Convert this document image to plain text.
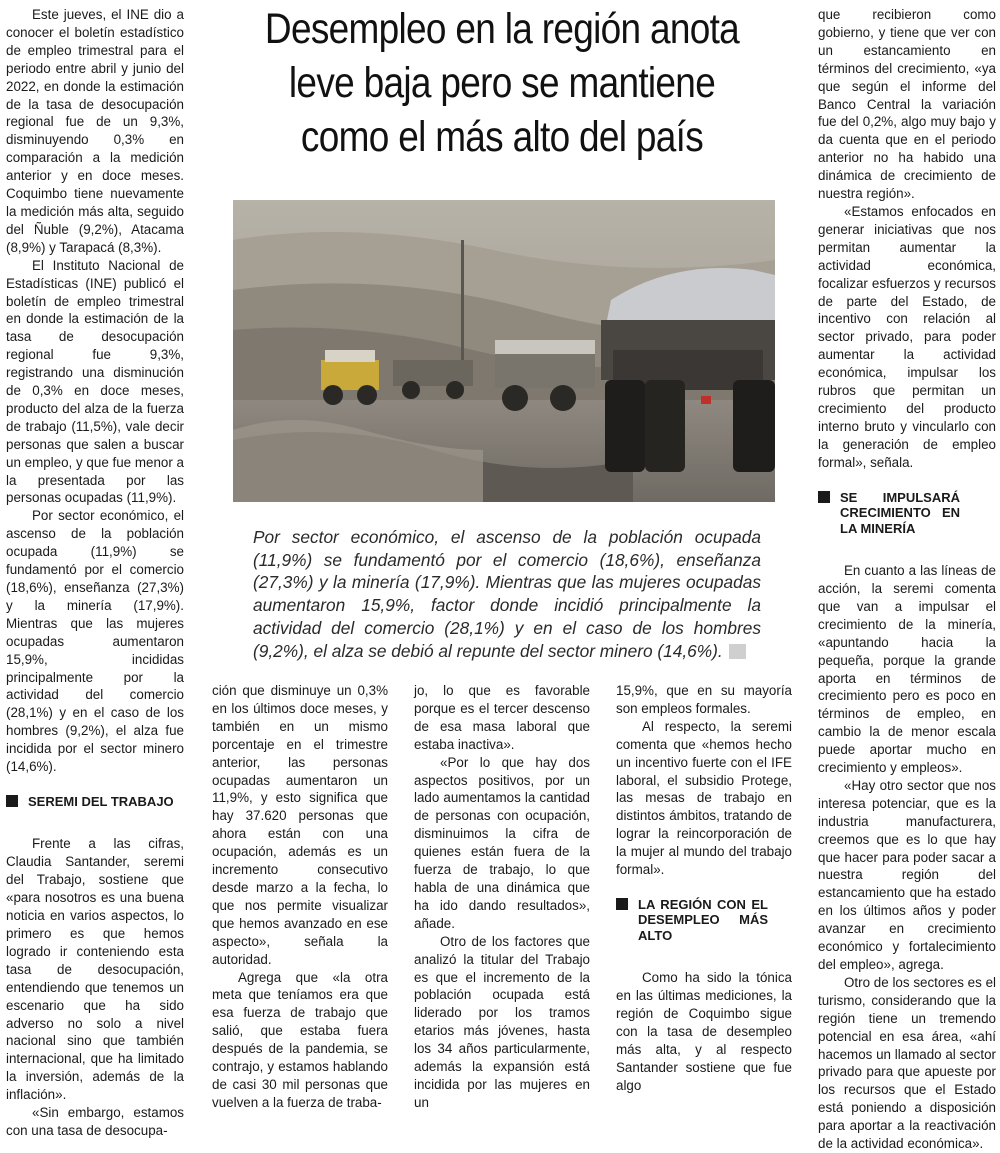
Este jueves, el INE dio a conocer el boletín estadístico de empleo trimestral para el periodo entre abril y junio del 2022, en donde la estimación de la tasa de desocupación regional fue de un 9,3%, disminuyendo 0,3% en comparación a la medición anterior y en doce meses. Coquimbo tiene nuevamente la medición más alta, seguido del Ñuble (9,2%), Atacama (8,9%) y Tarapacá (8,3%).

El Instituto Nacional de Estadísticas (INE) publicó el boletín de empleo trimestral en donde la estimación de la tasa de desocupación regional fue 9,3%, registrando una disminución de 0,3% en doce meses, producto del alza de la fuerza de trabajo (11,5%), vale decir personas que salen a buscar un empleo, y que fue menor a la presentada por las personas ocupadas (11,9%).

Por sector económico, el ascenso de la población ocupada (11,9%) se fundamentó por el comercio (18,6%), enseñanza (27,3%) y la minería (17,9%). Mientras que las mujeres ocupadas aumentaron 15,9%, incididas principalmente por la actividad del comercio (28,1%) y en el caso de los hombres (9,2%), el alza fue incidida por el sector minero (14,6%).

SEREMI DEL TRABAJO

Frente a las cifras, Claudia Santander, seremi del Trabajo, sostiene que «para nosotros es una buena noticia en varios aspectos, lo primero es que hemos logrado ir conteniendo esta tasa de desocupación, entendiendo que tenemos un escenario que ha sido adverso no solo a nivel nacional sino que también internacional, que ha limitado la inversión, además de la inflación».

«Sin embargo, estamos con una tasa de desocupa-

Desempleo en la región anota leve baja pero se mantiene como el más alto del país

Por sector económico, el ascenso de la población ocupada (11,9%) se fundamentó por el comercio (18,6%), enseñanza (27,3%) y la minería (17,9%). Mientras que las mujeres ocupadas aumentaron 15,9%, factor donde incidió principalmente la actividad del comercio (28,1%) y en el caso de los hombres (9,2%), el alza se debió al repunte del sector minero (14,6%).

ción que disminuye un 0,3% en los últimos doce meses, y también en un mismo porcentaje en el trimestre anterior, las personas ocupadas aumentaron un 11,9%, y esto significa que hay 37.620 personas que ahora están con una ocupación, además es un incremento consecutivo desde marzo a la fecha, lo que nos permite visualizar que hemos avanzado en ese aspecto», señala la autoridad.

Agrega que «la otra meta que teníamos era que esa fuerza de trabajo que salió, que estaba fuera después de la pandemia, se contrajo, y estamos hablando de casi 30 mil personas que vuelven a la fuerza de traba-

jo, lo que es favorable porque es el tercer descenso de esa masa laboral que estaba inactiva».

«Por lo que hay dos aspectos positivos, por un lado aumentamos la cantidad de personas con ocupación, disminuimos la cifra de quienes están fuera de la fuerza de trabajo, lo que habla de una dinámica que ha ido dando resultados», añade.

Otro de los factores que analizó la titular del Trabajo es que el incremento de la población ocupada está liderado por los tramos etarios más jóvenes, hasta los 34 años particularmente, además la expansión está incidida por las mujeres en un

15,9%, que en su mayoría son empleos formales.

Al respecto, la seremi comenta que «hemos hecho un incentivo fuerte con el IFE laboral, el subsidio Protege, las mesas de trabajo en distintos ámbitos, tratando de lograr la reincorporación de la mujer al mundo del trabajo formal».

LA REGIÓN CON EL DESEMPLEO MÁS ALTO

Como ha sido la tónica en las últimas mediciones, la región de Coquimbo sigue con la tasa de desempleo más alta, y al respecto Santander sostiene que fue algo

que recibieron como gobierno, y tiene que ver con un estancamiento en términos del crecimiento, «ya que según el informe del Banco Central la variación fue del 0,2%, algo muy bajo y da cuenta que en el periodo anterior no ha habido una dinámica de crecimiento de nuestra región».

«Estamos enfocados en generar iniciativas que nos permitan aumentar la actividad económica, focalizar esfuerzos y recursos de parte del Estado, de incentivo con relación al sector privado, para poder aumentar la actividad económica, impulsar los rubros que permitan un crecimiento del producto interno bruto y vincularlo con la generación de empleo formal», señala.

SE IMPULSARÁ CRECIMIENTO EN LA MINERÍA

En cuanto a las líneas de acción, la seremi comenta que van a impulsar el crecimiento de la minería, «apuntando hacia la pequeña, porque la grande aporta en términos de crecimiento pero es poco en términos de empleo, en cambio la de menor escala puede aportar mucho en crecimiento y empleos».

«Hay otro sector que nos interesa potenciar, que es la industria manufacturera, creemos que es lo que hay que hacer para poder sacar a nuestra región del estancamiento que ha estado en los últimos años y poder avanzar en crecimiento económico y fortalecimiento del empleo», agrega.

Otro de los sectores es el turismo, considerando que la región tiene un tremendo potencial en esa área, «ahí hacemos un llamado al sector privado para que apueste por los recursos que el Estado está poniendo a disposición para aportar a la reactivación de la actividad económica».
